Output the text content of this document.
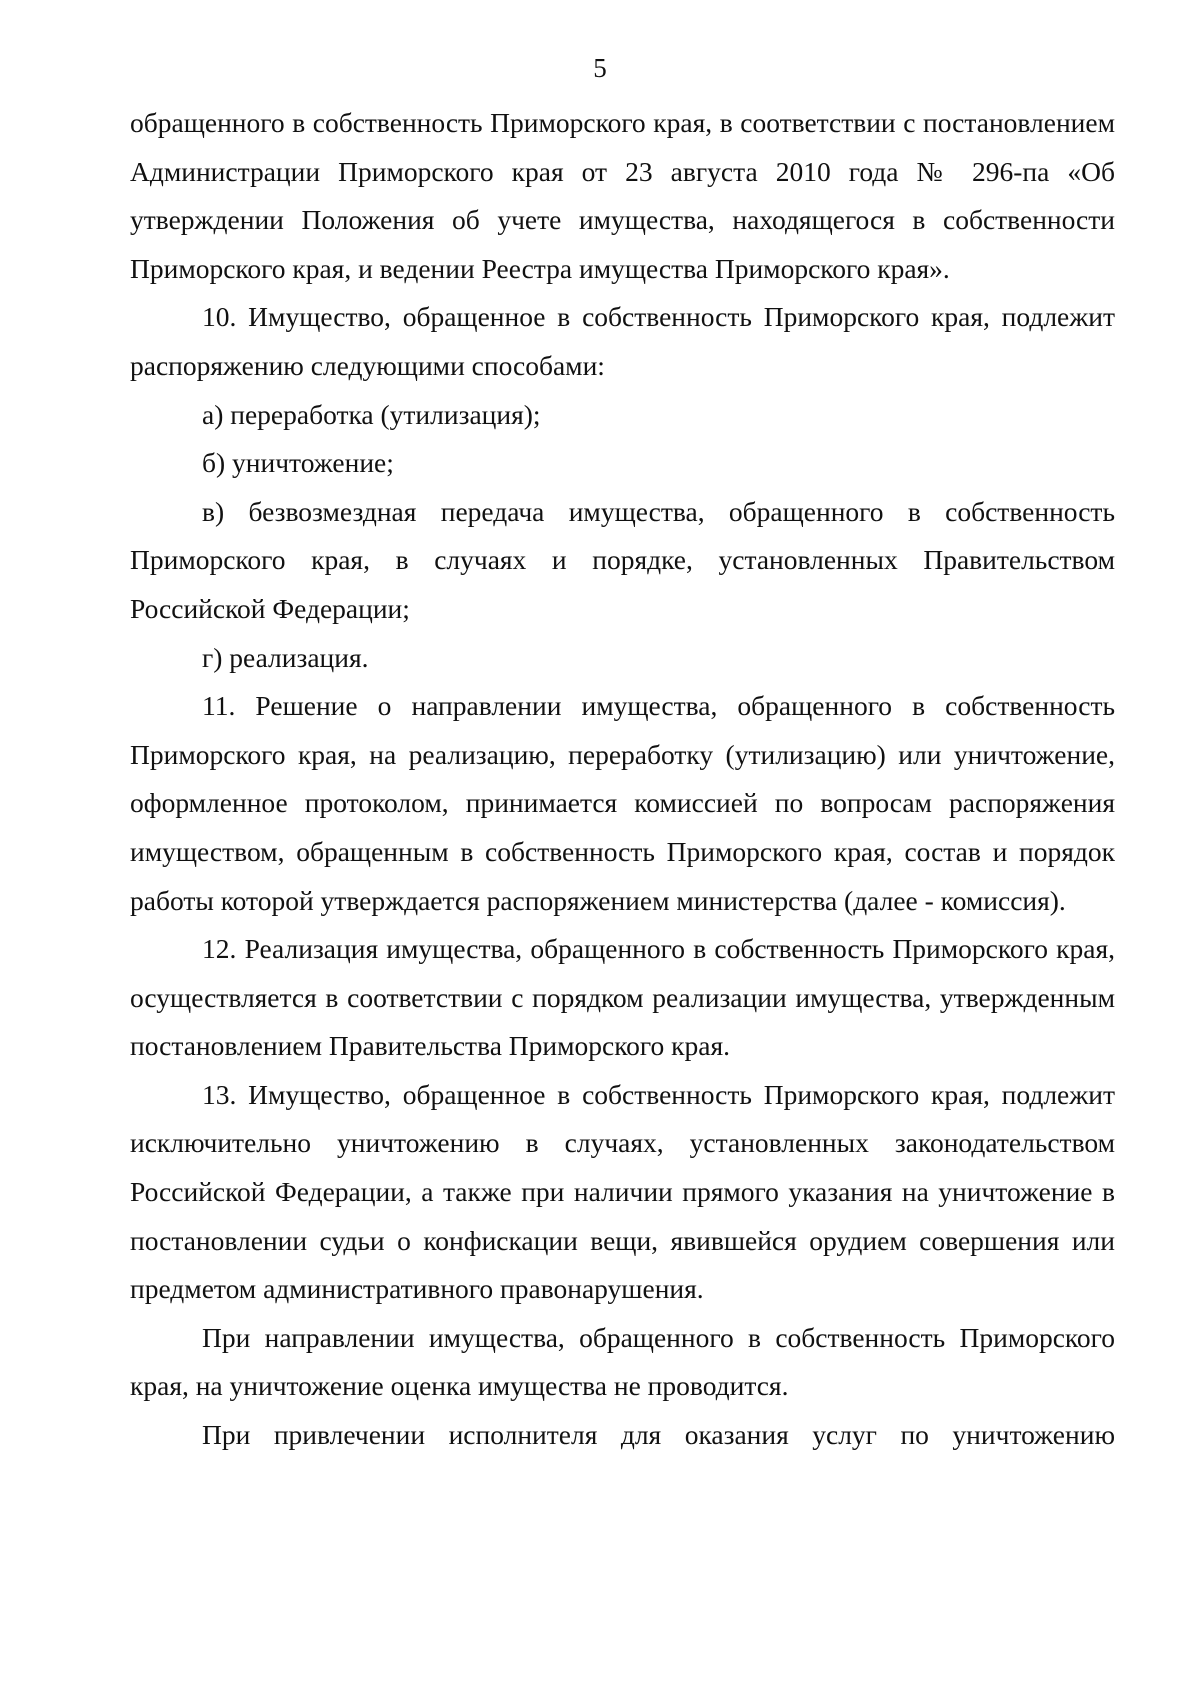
5

обращенного в собственность Приморского края, в соответствии с постановлением Администрации Приморского края от 23 августа 2010 года № 296-па «Об утверждении Положения об учете имущества, находящегося в собственности Приморского края, и ведении Реестра имущества Приморского края».

10. Имущество, обращенное в собственность Приморского края, подлежит распоряжению следующими способами:

а) переработка (утилизация);

б) уничтожение;

в) безвозмездная передача имущества, обращенного в собственность Приморского края, в случаях и порядке, установленных Правительством Российской Федерации;

г) реализация.

11. Решение о направлении имущества, обращенного в собственность Приморского края, на реализацию, переработку (утилизацию) или уничтожение, оформленное протоколом, принимается комиссией по вопросам распоряжения имуществом, обращенным в собственность Приморского края, состав и порядок работы которой утверждается распоряжением министерства (далее - комиссия).

12. Реализация имущества, обращенного в собственность Приморского края, осуществляется в соответствии с порядком реализации имущества, утвержденным постановлением Правительства Приморского края.

13. Имущество, обращенное в собственность Приморского края, подлежит исключительно уничтожению в случаях, установленных законодательством Российской Федерации, а также при наличии прямого указания на уничтожение в постановлении судьи о конфискации вещи, явившейся орудием совершения или предметом административного правонарушения.

При направлении имущества, обращенного в собственность Приморского края, на уничтожение оценка имущества не проводится.

При привлечении исполнителя для оказания услуг по уничтожению
